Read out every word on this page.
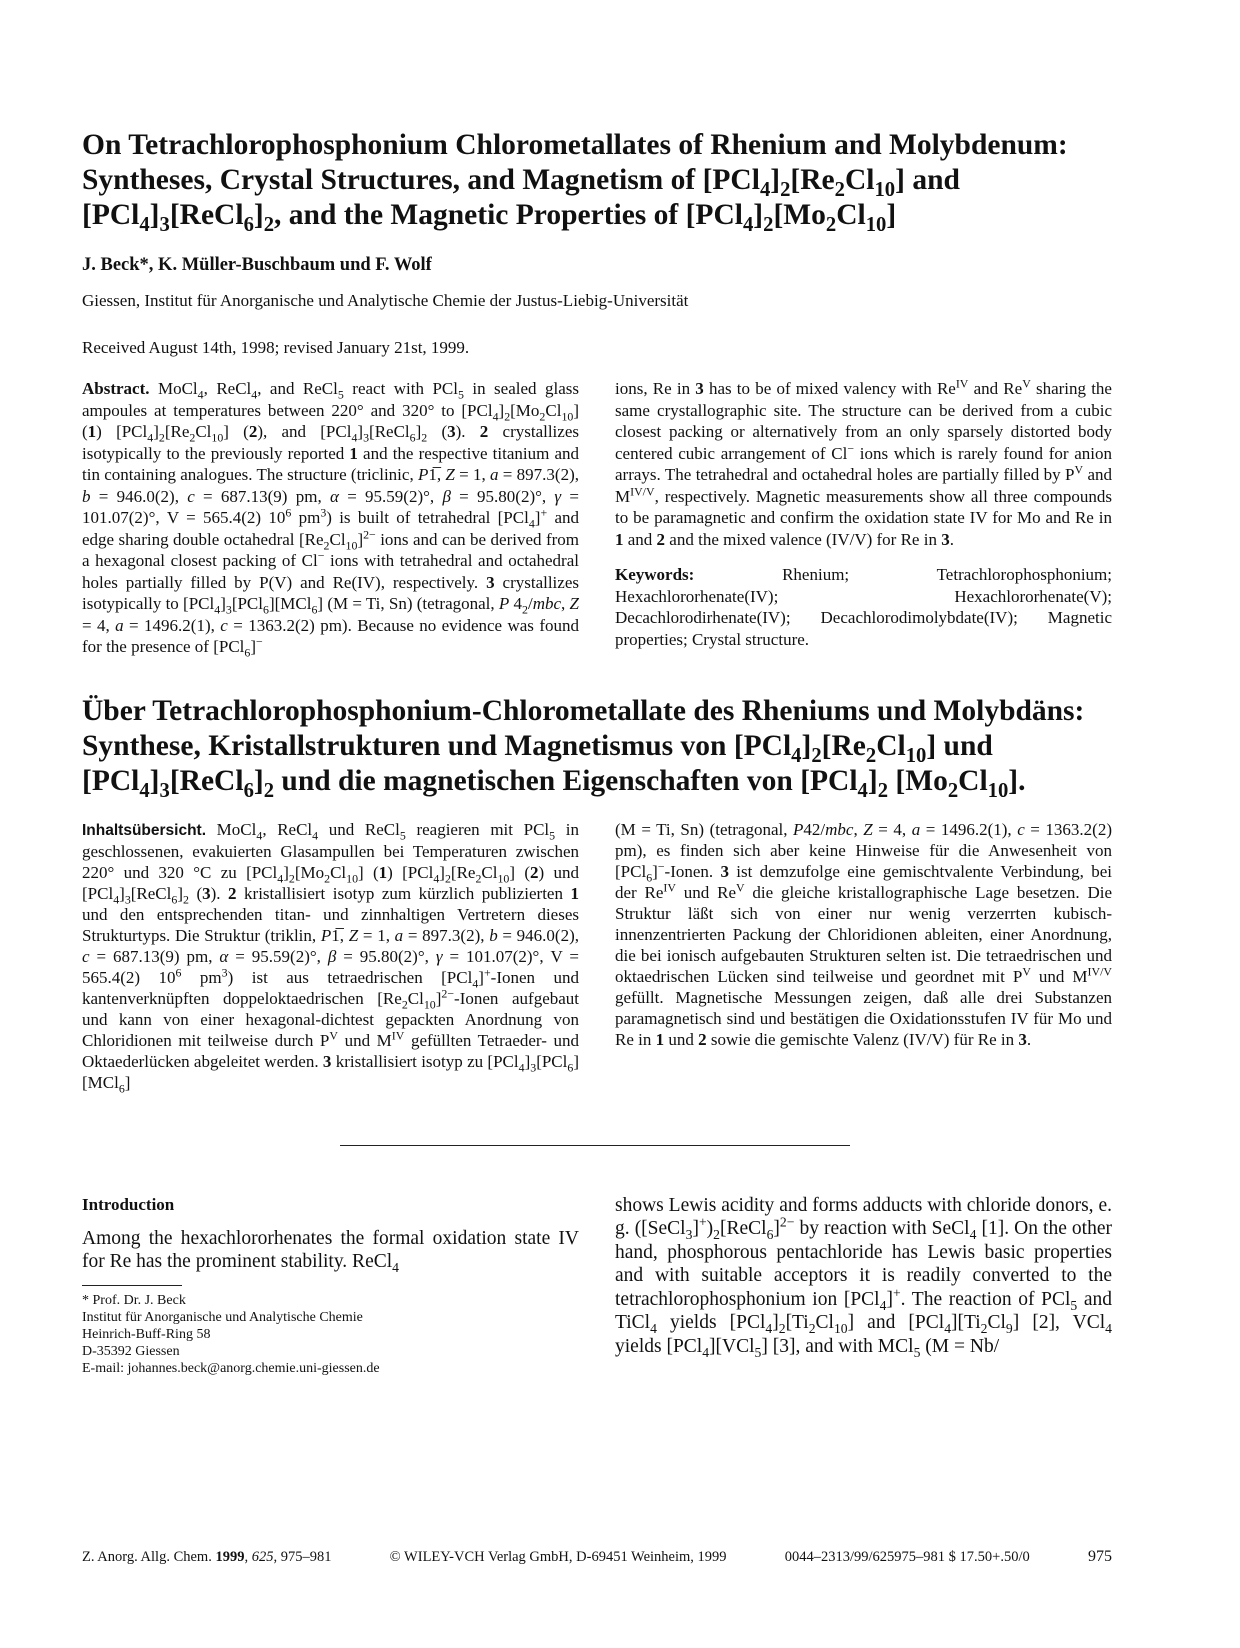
On Tetrachlorophosphonium Chlorometallates of Rhenium and Molybdenum: Syntheses, Crystal Structures, and Magnetism of $[PCl_4]_2[Re_2Cl_{10}]$ and $[PCl_4]_3[ReCl_6]_2$, and the Magnetic Properties of $[PCl_4]_2[Mo_2Cl_{10}]$
J. Beck*, K. Müller-Buschbaum und F. Wolf
Giessen, Institut für Anorganische und Analytische Chemie der Justus-Liebig-Universität
Received August 14th, 1998; revised January 21st, 1999.
Abstract. MoCl$_4$, ReCl$_4$, and ReCl$_5$ react with PCl$_5$ in sealed glass ampoules at temperatures between 220° and 320° to $[PCl_4]_2[Mo_2Cl_{10}]$ (1) $[PCl_4]_2[Re_2Cl_{10}]$ (2), and $[PCl_4]_3[ReCl_6]_2$ (3). 2 crystallizes isotypically to the previously reported 1 and the respective titanium and tin containing analogues. The structure (triclinic, P1̅, Z = 1, a = 897.3(2), b = 946.0(2), c = 687.13(9) pm, α = 95.59(2)°, β = 95.80(2)°, γ = 101.07(2)°, V = 565.4(2) $10^6$ $pm^3$) is built of tetrahedral [PCl$_4$]+ and edge sharing double octahedral $[Re_2Cl_{10}]^{2-}$ ions and can be derived from a hexagonal closest packing of Cl− ions with tetrahedral and octahedral holes partially filled by P(V) and Re(IV), respectively. 3 crystallizes isotypically to $[PCl_4]_3[PCl_6][MCl_6] (M = Ti$, Sn) (tetragonal, P $4_2$/mbc, Z = 4, a = 1496.2(1), c = 1363.2(2) pm). Because no evidence was found for the presence of [PCl$_6$]−
ions, Re in 3 has to be of mixed valency with $Re^{IV}$ and $Re^V$ sharing the same crystallographic site. The structure can be derived from a cubic closest packing or alternatively from an only sparsely distorted body centered cubic arrangement of Cl− ions which is rarely found for anion arrays. The tetrahedral and octahedral holes are partially filled by $P^V$ and $M^{IV/V}$, respectively. Magnetic measurements show all three compounds to be paramagnetic and confirm the oxidation state IV for Mo and Re in 1 and 2 and the mixed valence (IV/V) for Re in 3.
Keywords:	Rhenium; Tetrachlorophosphonium; Hexachlororhenate(IV); Hexachlororhenate(V); Decachlorodirhenate(IV); Decachlorodimolybdate(IV); Magnetic properties; Crystal structure.
Über Tetrachlorophosphonium-Chlorometallate des Rheniums und Molybdäns: Synthese, Kristallstrukturen und Magnetismus von $[PCl_4]_2[Re_2Cl_{10}]$ und $[PCl_4]_3[ReCl_6]_2$ und die magnetischen Eigenschaften von $[PCl_4]_2$ $[Mo_2Cl_{10}]$.
Inhaltsübersicht. MoCl$_4$, ReCl$_4$ und ReCl$_5$ reagieren mit PCl$_5$ in geschlossenen, evakuierten Glasampullen bei Temperaturen zwischen 220° und 320 °C zu $[PCl_4]_2[Mo_2Cl_{10}]$ (1) $[PCl_4]_2[Re_2Cl_{10}]$ (2) und $[PCl_4]_3[ReCl_6]_2$ (3). 2 kristallisiert isotyp zum kürzlich publizierten 1 und den entsprechenden titan- und zinnhaltigen Vertretern dieses Strukturtyps. Die Struktur (triklin, P1̅, Z = 1, a = 897.3(2), b = 946.0(2), c = 687.13(9) pm, α = 95.59(2)°, β = 95.80(2)°, γ = 101.07(2)°, V = 565.4(2) $10^6$ $pm^3$) ist aus tetraedrischen [PCl$_4$]+-Ionen und kantenverknüpften doppeloktaedrischen $[Re_2Cl_{10}]^{2-}$-Ionen aufgebaut und kann von einer hexagonal-dichtest gepackten Anordnung von Chloridionen mit teilweise durch $P^V$ und $M^{IV}$ gefüllten Tetraeder- und Oktaederlücken abgeleitet werden. 3 kristallisiert isotyp zu $[PCl_4]_3[PCl_6][MCl_6]$
(M = Ti, Sn) (tetragonal, P42/mbc, Z = 4, a = 1496.2(1), c = 1363.2(2) pm), es finden sich aber keine Hinweise für die Anwesenheit von [PCl$_6$]−-Ionen. 3 ist demzufolge eine gemischtvalente Verbindung, bei der $Re^{IV}$ und $Re^V$ die gleiche kristallographische Lage besetzen. Die Struktur läßt sich von einer nur wenig verzerrten kubisch-innenzentrierten Packung der Chloridionen ableiten, einer Anordnung, die bei ionisch aufgebauten Strukturen selten ist. Die tetraedrischen und oktaedrischen Lücken sind teilweise und geordnet mit $P^V$ und $M^{IV/V}$ gefüllt. Magnetische Messungen zeigen, daß alle drei Substanzen paramagnetisch sind und bestätigen die Oxidationsstufen IV für Mo und Re in 1 und 2 sowie die gemischte Valenz (IV/V) für Re in 3.
Introduction
Among the hexachlororhenates the formal oxidation state IV for Re has the prominent stability. ReCl$_4$
* Prof. Dr. J. Beck
Institut für Anorganische und Analytische Chemie
Heinrich-Buff-Ring 58
D-35392 Giessen
E-mail: johannes.beck@anorg.chemie.uni-giessen.de
shows Lewis acidity and forms adducts with chloride donors, e. g. $([SeCl_3]^+)_2[ReCl_6]^{2-}$ by reaction with SeCl$_4$ [1]. On the other hand, phosphorous pentachloride has Lewis basic properties and with suitable acceptors it is readily converted to the tetrachlorophosphonium ion [PCl$_4$]+. The reaction of PCl$_5$ and TiCl$_4$ yields $[PCl_4]_2[Ti_2Cl_{10}]$ and $[PCl_4][Ti_2Cl_9]$ [2], VCl$_4$ yields [PCl$_4$][VCl$_5$] [3], and with MCl$_5$ (M = Nb/
Z. Anorg. Allg. Chem. 1999, 625, 975–981	© WILEY-VCH Verlag GmbH, D-69451 Weinheim, 1999	0044–2313/99/625975–981 $ 17.50+.50/0	975
